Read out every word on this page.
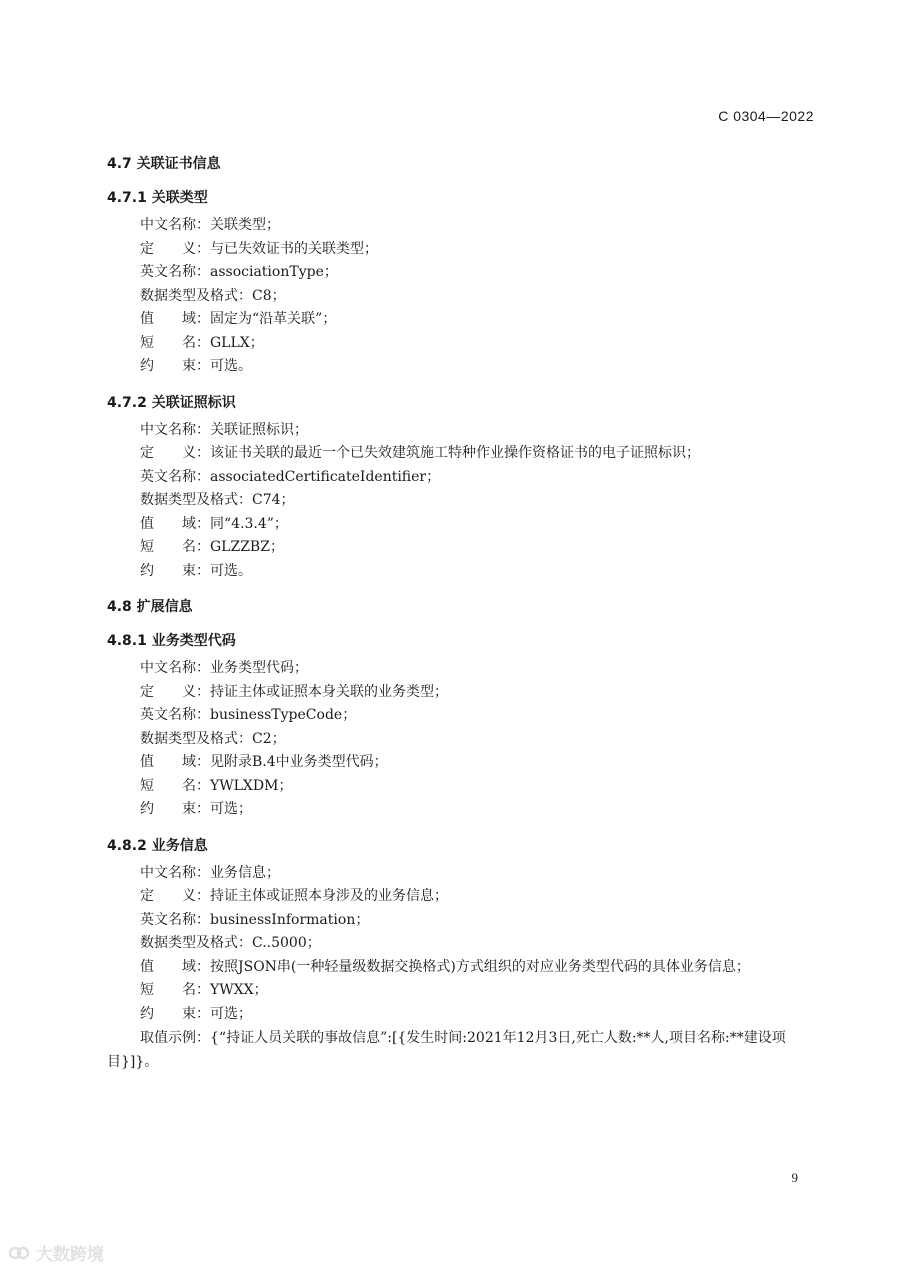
C 0304—2022
4.7 关联证书信息
4.7.1 关联类型
中文名称：关联类型；
定　　义：与已失效证书的关联类型；
英文名称：associationType；
数据类型及格式：C8；
值　　域：固定为“沿革关联”；
短　　名：GLLX；
约　　束：可选。
4.7.2 关联证照标识
中文名称：关联证照标识；
定　　义：该证书关联的最近一个已失效建筑施工特种作业操作资格证书的电子证照标识；
英文名称：associatedCertificateIdentifier；
数据类型及格式：C74；
值　　域：同“4.3.4”；
短　　名：GLZZBZ；
约　　束：可选。
4.8 扩展信息
4.8.1 业务类型代码
中文名称：业务类型代码；
定　　义：持证主体或证照本身关联的业务类型；
英文名称：businessTypeCode；
数据类型及格式：C2；
值　　域：见附录B.4中业务类型代码；
短　　名：YWLXDM；
约　　束：可选；
4.8.2 业务信息
中文名称：业务信息；
定　　义：持证主体或证照本身涉及的业务信息；
英文名称：businessInformation；
数据类型及格式：C..5000；
值　　域：按照JSON串(一种轻量级数据交换格式)方式组织的对应业务类型代码的具体业务信息；
短　　名：YWXX；
约　　束：可选；
取值示例：{“持证人员关联的事故信息”:[{发生时间:2021年12月3日,死亡人数:**人,项目名称:**建设项目}]}。
9
大数跨境
